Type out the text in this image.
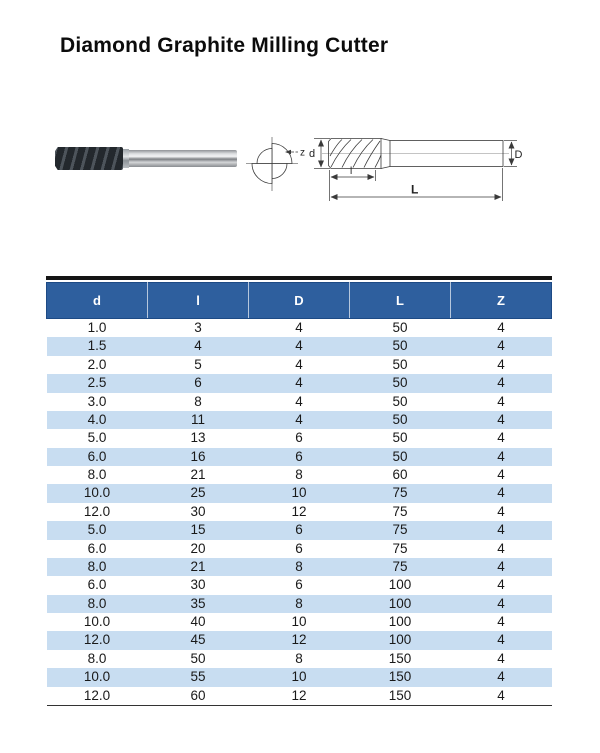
Diamond Graphite Milling Cutter
z d	D
l
L
d	l	D	L	Z
1.0	3	4	50	4
1.5	4	4	50	4
2.0	5	4	50	4
2.5	6	4	50	4
3.0	8	4	50	4
4.0	11	4	50	4
5.0	13	6	50	4
6.0	16	6	50	4
8.0	21	8	60	4
10.0	25	10	75	4
12.0	30	12	75	4
5.0	15	6	75	4
6.0	20	6	75	4
8.0	21	8	75	4
6.0	30	6	100	4
8.0	35	8	100	4
10.0	40	10	100	4
12.0	45	12	100	4
8.0	50	8	150	4
10.0	55	10	150	4
12.0	60	12	150	4
